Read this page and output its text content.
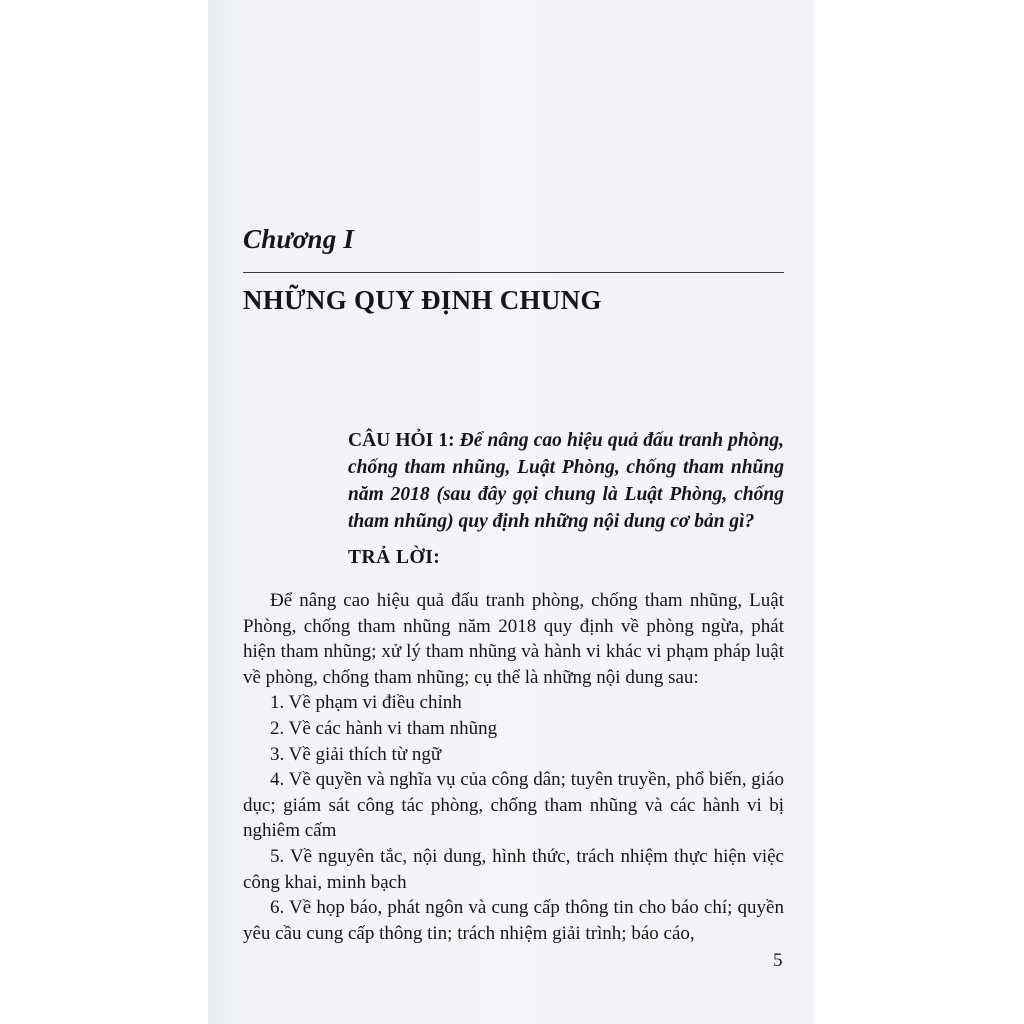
Chương I
NHỮNG QUY ĐỊNH CHUNG

CÂU HỎI 1: Để nâng cao hiệu quả đấu tranh phòng, chống tham nhũng, Luật Phòng, chống tham nhũng năm 2018 (sau đây gọi chung là Luật Phòng, chống tham nhũng) quy định những nội dung cơ bản gì?

TRẢ LỜI:

Để nâng cao hiệu quả đấu tranh phòng, chống tham nhũng, Luật Phòng, chống tham nhũng năm 2018 quy định về phòng ngừa, phát hiện tham nhũng; xử lý tham nhũng và hành vi khác vi phạm pháp luật về phòng, chống tham nhũng; cụ thể là những nội dung sau:

1. Về phạm vi điều chỉnh

2. Về các hành vi tham nhũng

3. Về giải thích từ ngữ

4. Về quyền và nghĩa vụ của công dân; tuyên truyền, phổ biến, giáo dục; giám sát công tác phòng, chống tham nhũng và các hành vi bị nghiêm cấm

5. Về nguyên tắc, nội dung, hình thức, trách nhiệm thực hiện việc công khai, minh bạch

6. Về họp báo, phát ngôn và cung cấp thông tin cho báo chí; quyền yêu cầu cung cấp thông tin; trách nhiệm giải trình; báo cáo,

5
